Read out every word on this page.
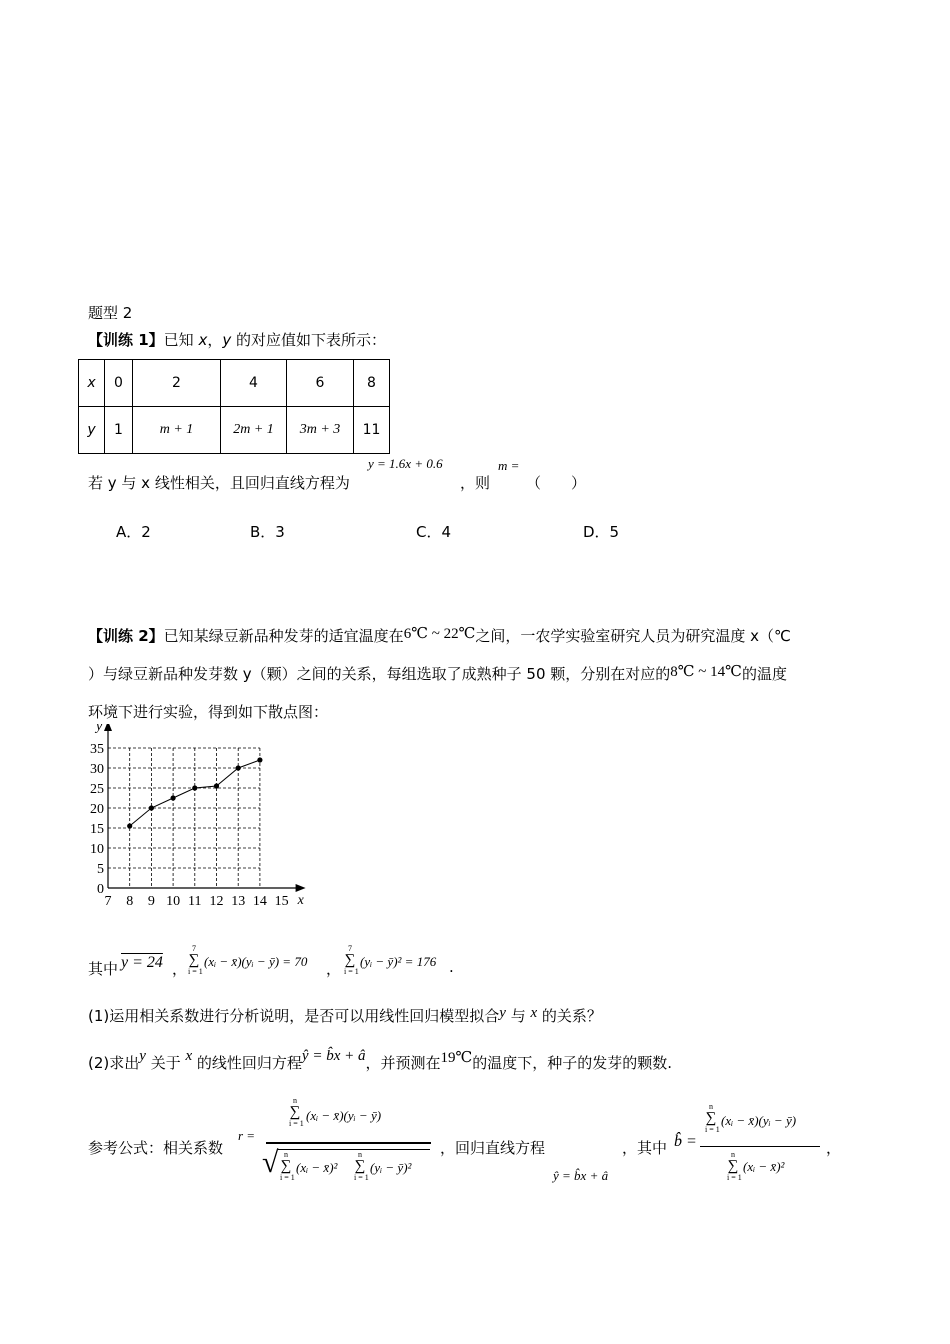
题型 2
【训练 1】已知 x，y 的对应值如下表所示：
x	0	2	4	6	8
y	1	m + 1	2m + 1	3m + 3	11
若 y 与 x 线性相关，且回归直线方程为
y = 1.6x + 0.6
，则
m =
（　　）
A．2	B．3	C．4	D．5
【训练 2】已知某绿豆新品种发芽的适宜温度在6℃ ~ 22℃之间，一农学实验室研究人员为研究温度 x（℃
）与绿豆新品种发芽数 y（颗）之间的关系，每组选取了成熟种子 50 颗，分别在对应的8℃ ~ 14℃的温度
环境下进行实验，得到如下散点图：
y
x
7 8 9 10 11 12 13 14 15
0
5
10
15
20
25
30
35
其中 y = 24 ，
7
∑
i = 1
(xᵢ − x̄)(yᵢ − ȳ) = 70 ，
7
∑
i = 1
(yᵢ − ȳ)² = 176 .
(1)运用相关系数进行分析说明，是否可以用线性回归模型拟合y 与 x 的关系？
(2)求出y 关于 x 的线性回归方程ŷ = b̂x + â，并预测在19℃的温度下，种子的发芽的颗数.
参考公式：相关系数
r =
n
∑
i = 1
(xᵢ − x̄)(yᵢ − ȳ)
√ n
∑
i = 1
(xᵢ − x̄)²
n
∑
i = 1
(yᵢ − ȳ)²
，回归直线方程
ŷ = b̂x + â
，其中 b̂ =
n
∑
i = 1
(xᵢ − x̄)(yᵢ − ȳ)
n
∑
i = 1
(xᵢ − x̄)²
，
